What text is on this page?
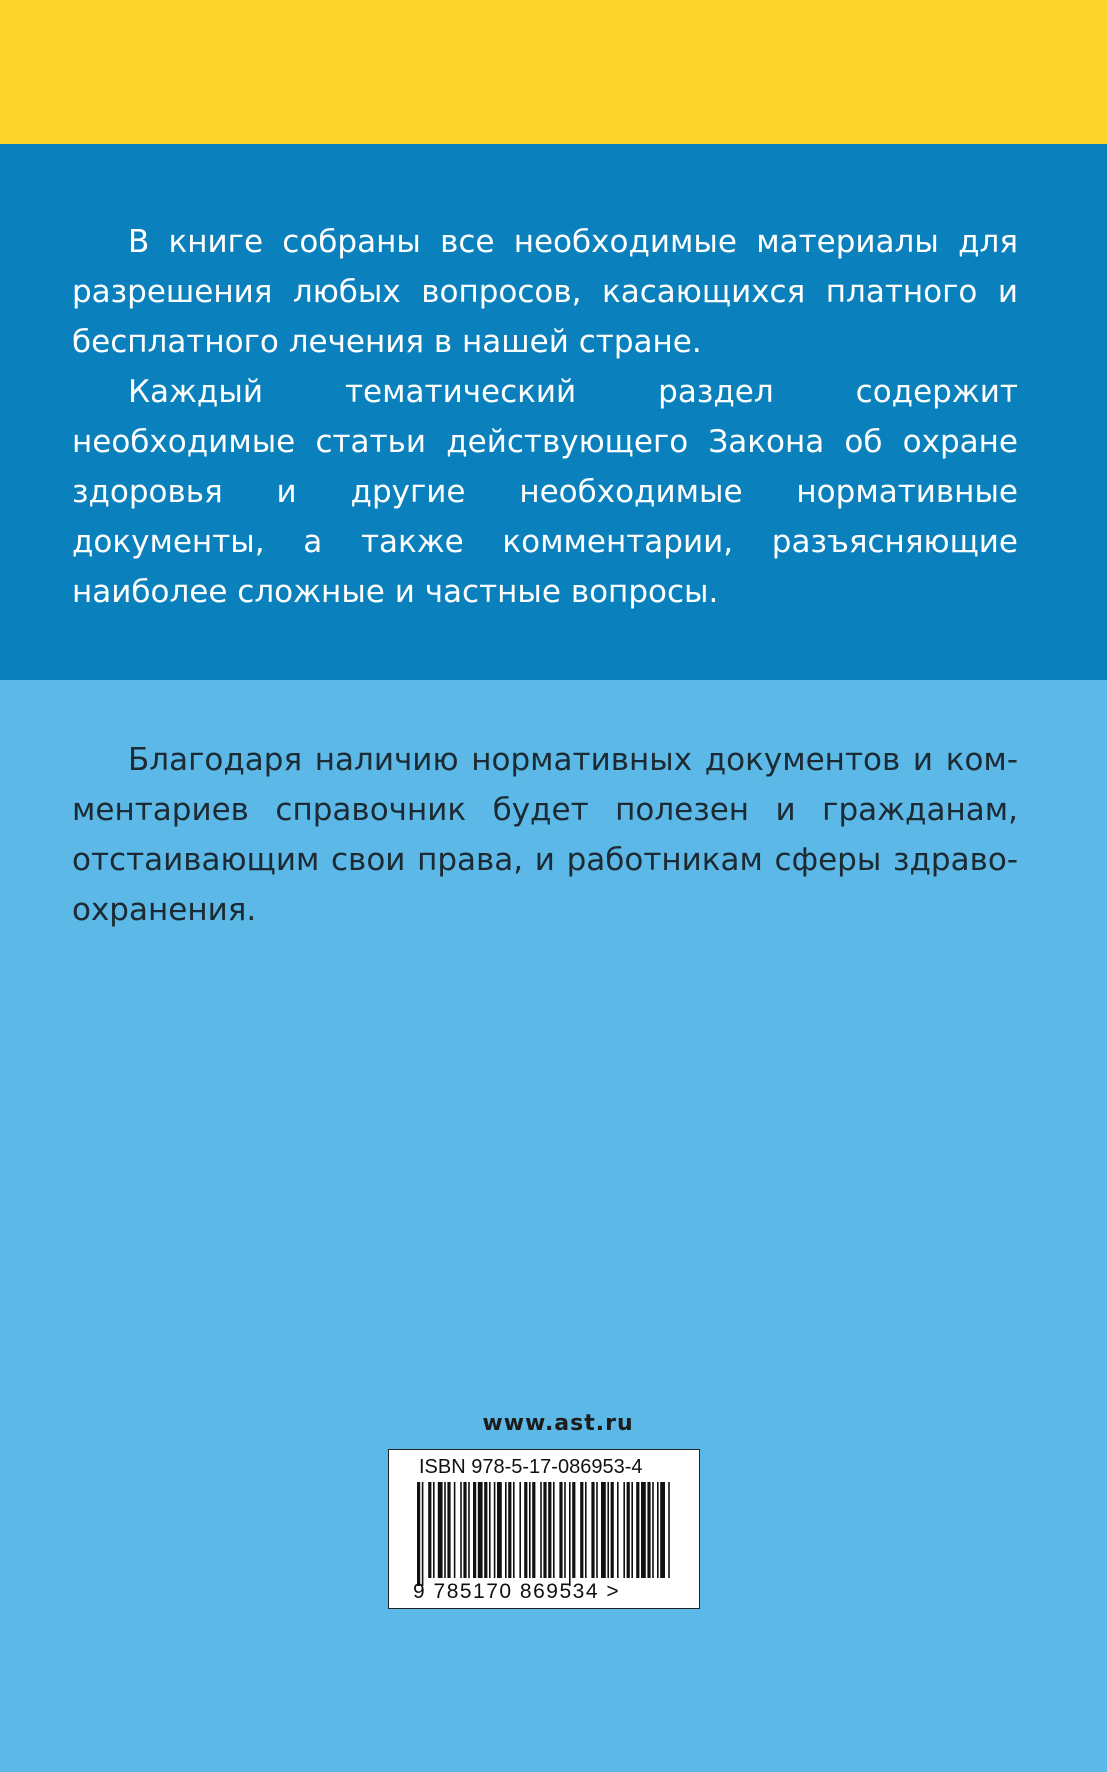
В книге собраны все необходимые материалы для разрешения любых вопросов, касающихся платного и бесплатного лечения в нашей стране.

Каждый тематический раздел содержит необходимые статьи действующего Закона об охране здоровья и другие необходимые нормативные документы, а также комментарии, разъясняющие наиболее сложные и частные вопросы.

Благодаря наличию нормативных документов и комментариев справочник будет полезен и гражданам, отстаивающим свои права, и работникам сферы здравоохранения.

www.ast.ru
ISBN 978-5-17-086953-4
9 785170 869534 >
